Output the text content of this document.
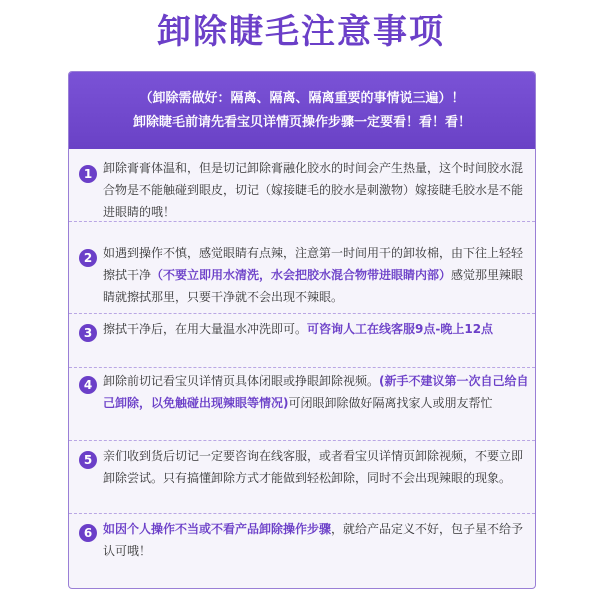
卸除睫毛注意事项
（卸除需做好：隔离、隔离、隔离重要的事情说三遍）！
卸除睫毛前请先看宝贝详情页操作步骤一定要看！看！看！
1 卸除膏膏体温和，但是切记卸除膏融化胶水的时间会产生热量，这个时间胶水混合物是不能触碰到眼皮，切记（嫁接睫毛的胶水是刺激物）嫁接睫毛胶水是不能进眼睛的哦！
2 如遇到操作不慎，感觉眼睛有点辣，注意第一时间用干的卸妆棉，由下往上轻轻擦拭干净（不要立即用水清洗，水会把胶水混合物带进眼睛内部）感觉那里辣眼睛就擦拭那里，只要干净就不会出现不辣眼。
3 擦拭干净后，在用大量温水冲洗即可。可咨询人工在线客服9点-晚上12点
4 卸除前切记看宝贝详情页具体闭眼或挣眼卸除视频。(新手不建议第一次自己给自己卸除，以免触碰出现辣眼等情况)可闭眼卸除做好隔离找家人或朋友帮忙
5 亲们收到货后切记一定要咨询在线客服，或者看宝贝详情页卸除视频，不要立即卸除尝试。只有搞懂卸除方式才能做到轻松卸除，同时不会出现辣眼的现象。
6 如因个人操作不当或不看产品卸除操作步骤，就给产品定义不好，包子星不给予认可哦！
